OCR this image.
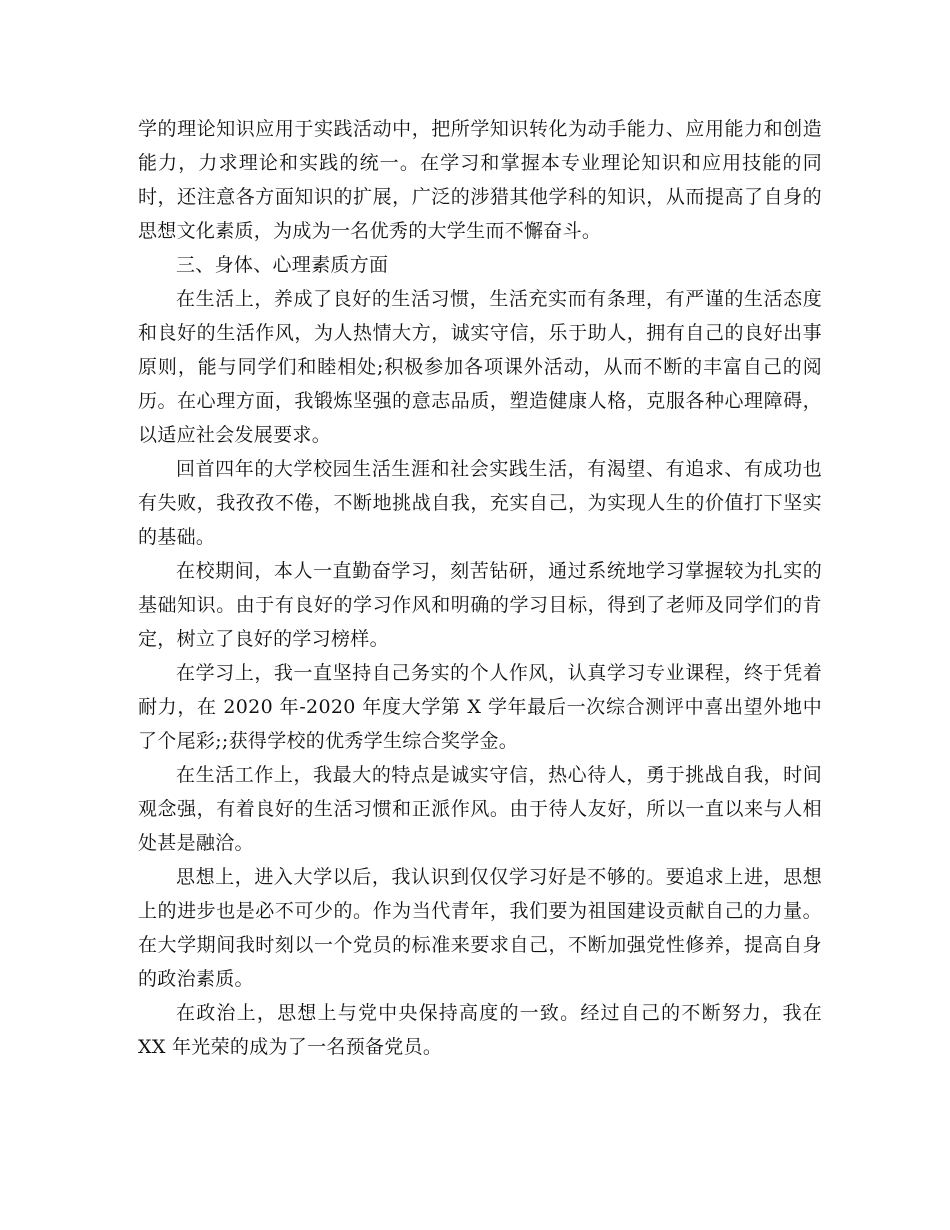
学的理论知识应用于实践活动中，把所学知识转化为动手能力、应用能力和创造能力，力求理论和实践的统一。在学习和掌握本专业理论知识和应用技能的同时，还注意各方面知识的扩展，广泛的涉猎其他学科的知识，从而提高了自身的思想文化素质，为成为一名优秀的大学生而不懈奋斗。

三、身体、心理素质方面

在生活上，养成了良好的生活习惯，生活充实而有条理，有严谨的生活态度和良好的生活作风，为人热情大方，诚实守信，乐于助人，拥有自己的良好出事原则，能与同学们和睦相处;积极参加各项课外活动，从而不断的丰富自己的阅历。在心理方面，我锻炼坚强的意志品质，塑造健康人格，克服各种心理障碍，以适应社会发展要求。

回首四年的大学校园生活生涯和社会实践生活，有渴望、有追求、有成功也有失败，我孜孜不倦，不断地挑战自我，充实自己，为实现人生的价值打下坚实的基础。

在校期间，本人一直勤奋学习，刻苦钻研，通过系统地学习掌握较为扎实的基础知识。由于有良好的学习作风和明确的学习目标，得到了老师及同学们的肯定，树立了良好的学习榜样。

在学习上，我一直坚持自己务实的个人作风，认真学习专业课程，终于凭着耐力，在 2020 年-2020 年度大学第 X 学年最后一次综合测评中喜出望外地中了个尾彩;;获得学校的优秀学生综合奖学金。

在生活工作上，我最大的特点是诚实守信，热心待人，勇于挑战自我，时间观念强，有着良好的生活习惯和正派作风。由于待人友好，所以一直以来与人相处甚是融洽。

思想上，进入大学以后，我认识到仅仅学习好是不够的。要追求上进，思想上的进步也是必不可少的。作为当代青年，我们要为祖国建设贡献自己的力量。在大学期间我时刻以一个党员的标准来要求自己，不断加强党性修养，提高自身的政治素质。

在政治上，思想上与党中央保持高度的一致。经过自己的不断努力，我在 XX 年光荣的成为了一名预备党员。
